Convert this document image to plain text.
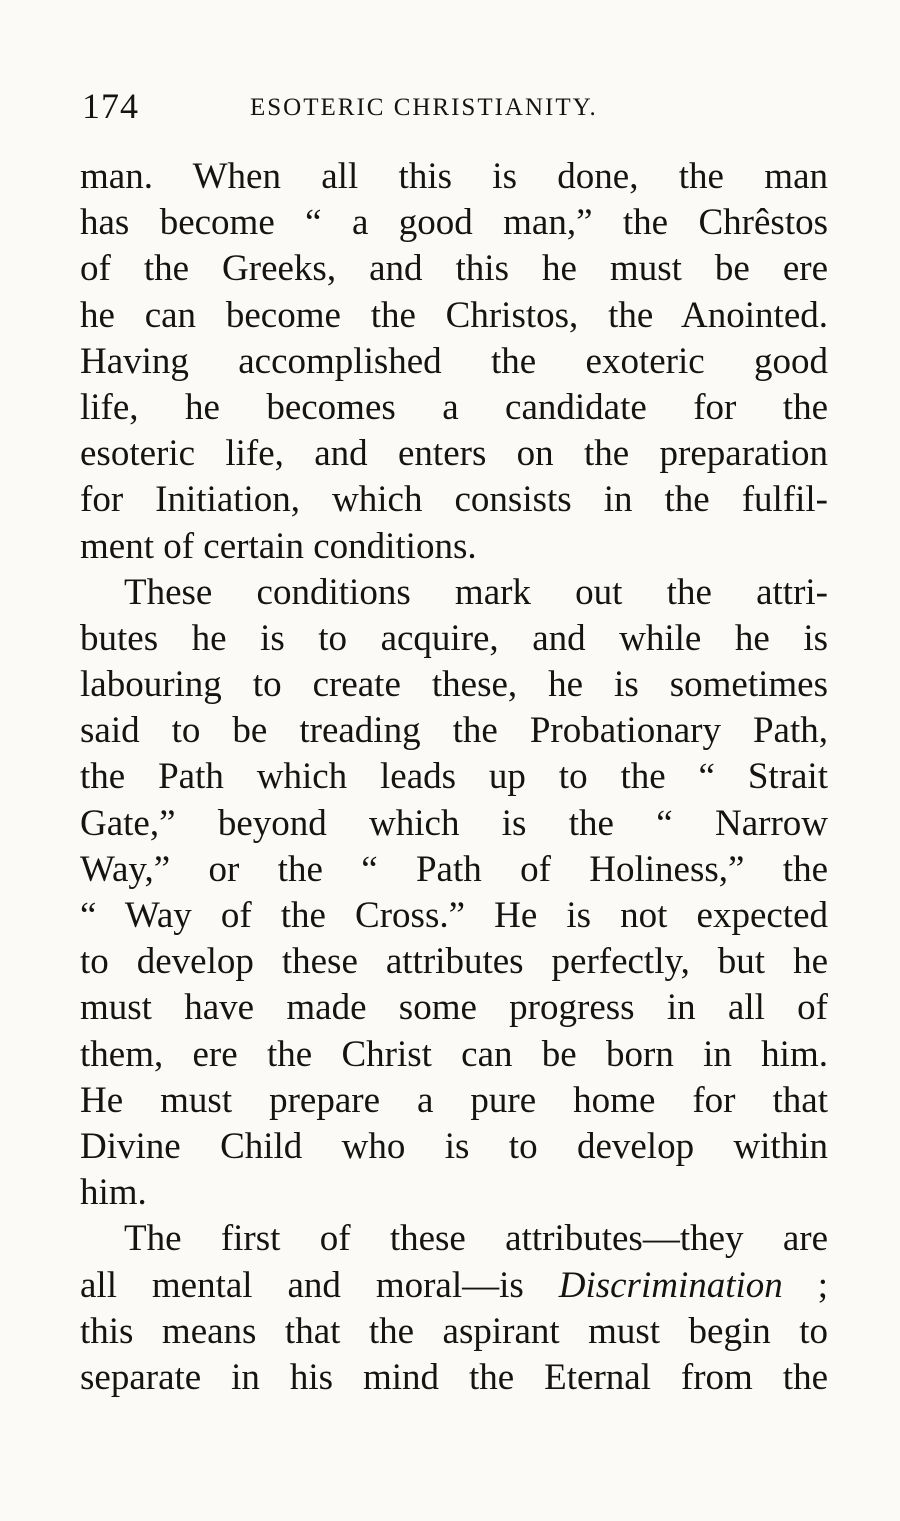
174	ESOTERIC CHRISTIANITY.
man. When all this is done, the man
has become “ a good man,” the Chrêstos
of the Greeks, and this he must be ere
he can become the Christos, the Anointed.
Having accomplished the exoteric good
life, he becomes a candidate for the
esoteric life, and enters on the preparation
for Initiation, which consists in the fulfil-
ment of certain conditions.
These conditions mark out the attri-
butes he is to acquire, and while he is
labouring to create these, he is sometimes
said to be treading the Probationary Path,
the Path which leads up to the “ Strait
Gate,” beyond which is the “ Narrow
Way,” or the “ Path of Holiness,” the
“ Way of the Cross.” He is not expected
to develop these attributes perfectly, but he
must have made some progress in all of
them, ere the Christ can be born in him.
He must prepare a pure home for that
Divine Child who is to develop within
him.
The first of these attributes—they are
all mental and moral—is Discrimination ;
this means that the aspirant must begin to
separate in his mind the Eternal from the
